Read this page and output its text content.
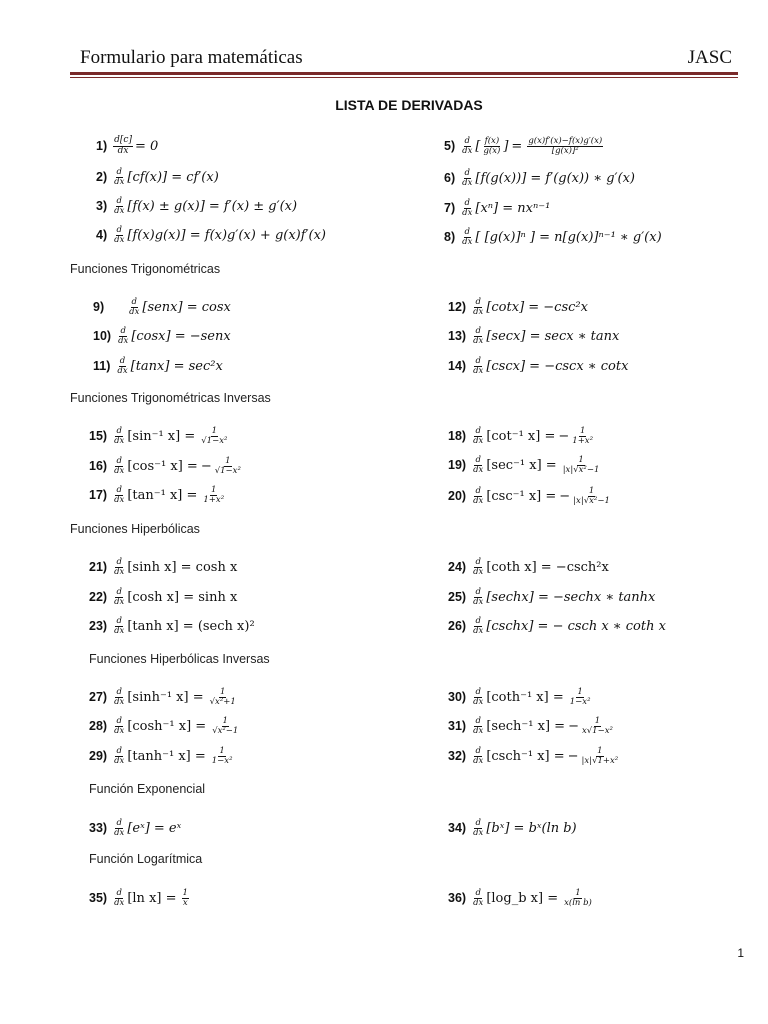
Formulario para matemáticas	JASC
LISTA DE DERIVADAS
$1) \frac{d[c]}{dx} = 0$
2) d
dx [cf(x)] = cf′(x)
3) d
dx [f(x) ± g(x)] = f′(x) ± g′(x)
4) d
dx [f(x)g(x)] = f(x)g′(x) + g(x)f′(x)
5) d
dx [ f(x)
g(x) ] = $\frac{g(x)f'(x)-f(x)g'(x)}{\text{[g(x)]²}}$
6) d
dx [f(g(x))] = f′(g(x)) ∗ g′(x)
7) d
dx [xⁿ] = nxⁿ⁻¹
8) d
dx [ [g(x)]ⁿ ] = n[g(x)]ⁿ⁻¹ ∗ g′(x)
Funciones Trigonométricas
9)	d
dx [senx] = cosx
10) d
dx [cosx] = −senx
11) d
dx [tanx] = sec²x
12) d
dx [cotx] = −csc²x
13) d
dx [secx] = secx ∗ tanx
14) d
dx [cscx] = −cscx ∗ cotx
Funciones Trigonométricas Inversas
15) d
dx [sin⁻¹ x] = 1
√1−x²
16) d
dx [cos⁻¹ x] = − $\frac{1}{\text{√1−x²}}$
17) d
dx [tan⁻¹ x] = 1
1+x²
18) d
dx [cot⁻¹ x] = − $\frac{1}{\text{1+x²}}$
19) d
dx [sec⁻¹ x] =	1
|x|√x²−1
20) d
dx [csc⁻¹ x] = − $\frac{1}{\text{|x|√x²−1}}$
Funciones Hiperbólicas
21) d
dx [sinh x] = cosh x
22) d
dx [cosh x] = sinh x
23) d
dx [tanh x] = (sech x)²
24) d
dx [coth x] = −csch²x
25) d
dx [sechx] = −sechx ∗ tanhx
26) d
dx [cschx] = − csch x ∗ coth x
Funciones Hiperbólicas Inversas
27) d
dx [sinh⁻¹ x] = 1
√x²+1
28) d
dx [cosh⁻¹ x] = 1
√x²−1
29) d
dx [tanh⁻¹ x] = 1
1−x²
30) d
dx [coth⁻¹ x] = 1
1−x²
31) d
dx [sech⁻¹ x] = − $\frac{1}{\text{x√1−x²}}$
32) d
dx [csch⁻¹ x] = − $\frac{1}{\text{|x|√1+x²}}$
Función Exponencial
33) d
dx [eˣ] = eˣ	34) d
dx [bˣ] = bˣ(ln b)
Función Logarítmica
35) d
dx [ln x] = 1
x	36) d
dx [log_b x] = 1
x(ln b)
1
